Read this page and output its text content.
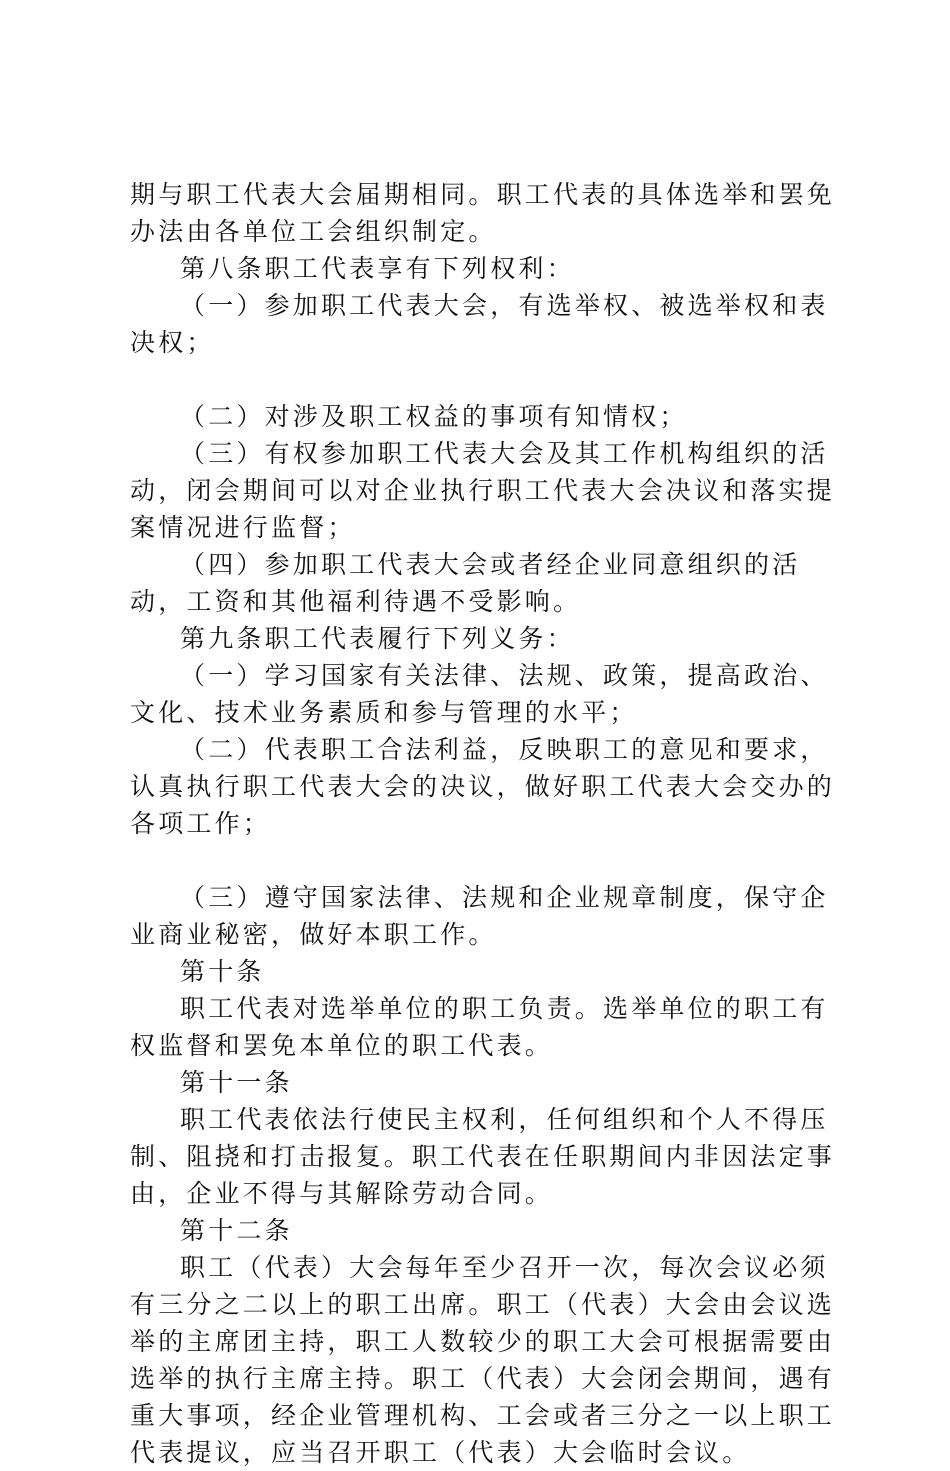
期与职工代表大会届期相同。职工代表的具体选举和罢免办法由各单位工会组织制定。

第八条职工代表享有下列权利：

（一）参加职工代表大会，有选举权、被选举权和表决权；

（二）对涉及职工权益的事项有知情权；

（三）有权参加职工代表大会及其工作机构组织的活动，闭会期间可以对企业执行职工代表大会决议和落实提案情况进行监督；

（四）参加职工代表大会或者经企业同意组织的活动，工资和其他福利待遇不受影响。

第九条职工代表履行下列义务：

（一）学习国家有关法律、法规、政策，提高政治、文化、技术业务素质和参与管理的水平；

（二）代表职工合法利益，反映职工的意见和要求，认真执行职工代表大会的决议，做好职工代表大会交办的各项工作；

（三）遵守国家法律、法规和企业规章制度，保守企业商业秘密，做好本职工作。

第十条

职工代表对选举单位的职工负责。选举单位的职工有权监督和罢免本单位的职工代表。

第十一条

职工代表依法行使民主权利，任何组织和个人不得压制、阻挠和打击报复。职工代表在任职期间内非因法定事由，企业不得与其解除劳动合同。

第十二条

职工（代表）大会每年至少召开一次，每次会议必须有三分之二以上的职工出席。职工（代表）大会由会议选举的主席团主持，职工人数较少的职工大会可根据需要由选举的执行主席主持。职工（代表）大会闭会期间，遇有重大事项，经企业管理机构、工会或者三分之一以上职工代表提议，应当召开职工（代表）大会临时会议。
